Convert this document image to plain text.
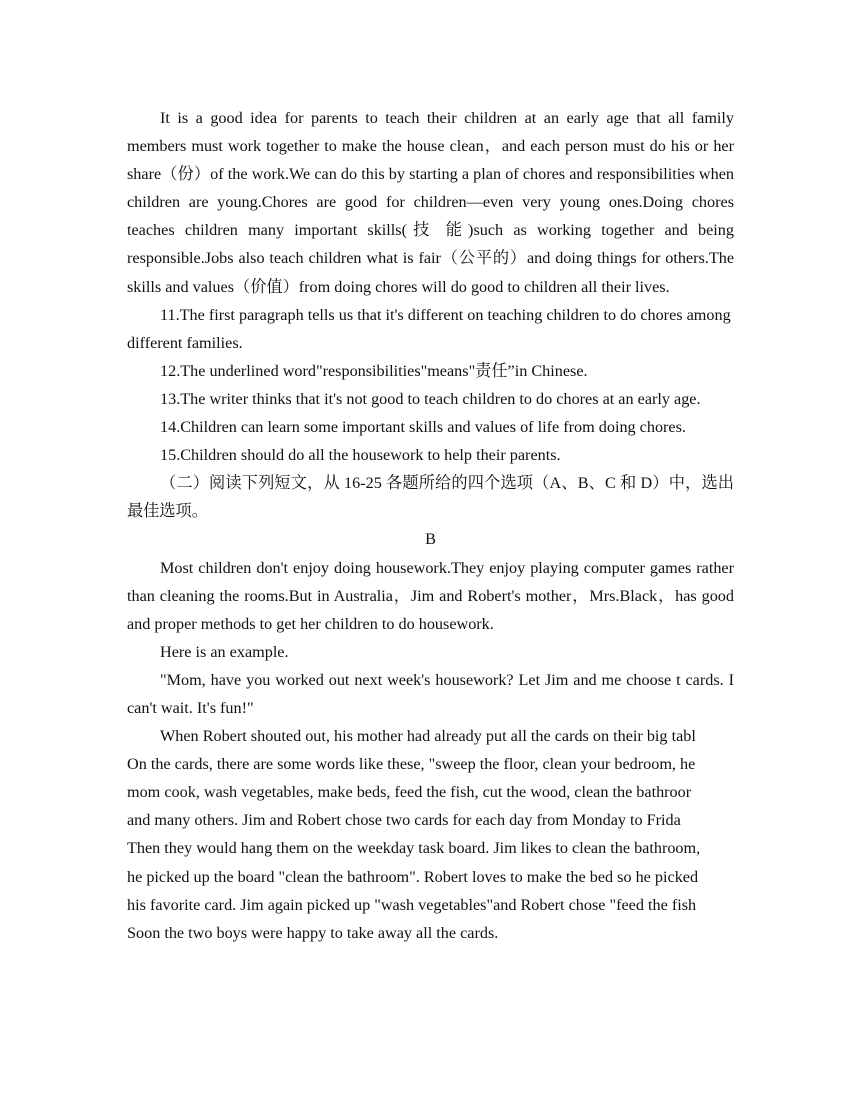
It is a good idea for parents to teach their children at an early age that all family members must work together to make the house clean，and each person must do his or her share（份）of the work.We can do this by starting a plan of chores and responsibilities when children are young.Chores are good for children—even very young ones.Doing chores teaches children many important skills(技 能)such as working together and being responsible.Jobs also teach children what is fair（公平的）and doing things for others.The skills and values（价值）from doing chores will do good to children all their lives.

11.The first paragraph tells us that it's different on teaching children to do chores among different families.

12.The underlined word"responsibilities"means"责任”in Chinese.

13.The writer thinks that it's not good to teach children to do chores at an early age.

14.Children can learn some important skills and values of life from doing chores.

15.Children should do all the housework to help their parents.

（二）阅读下列短文，从 16-25 各题所给的四个选项（A、B、C 和 D）中，选出最佳选项。

B

Most children don't enjoy doing housework.They enjoy playing computer games rather than cleaning the rooms.But in Australia，Jim and Robert's mother，Mrs.Black，has good and proper methods to get her children to do housework.

Here is an example.

"Mom, have you worked out next week's housework? Let Jim and me choose t cards. I can't wait. It's fun!"

When Robert shouted out, his mother had already put all the cards on their big tabl
On the cards, there are some words like these, "sweep the floor, clean your bedroom, he
mom cook, wash vegetables, make beds, feed the fish, cut the wood, clean the bathroor
and many others. Jim and Robert chose two cards for each day from Monday to Frida
Then they would hang them on the weekday task board. Jim likes to clean the bathroom,
he picked up the board "clean the bathroom". Robert loves to make the bed so he picked
his favorite card. Jim again picked up "wash vegetables"and Robert chose "feed the fish
Soon the two boys were happy to take away all the cards.
